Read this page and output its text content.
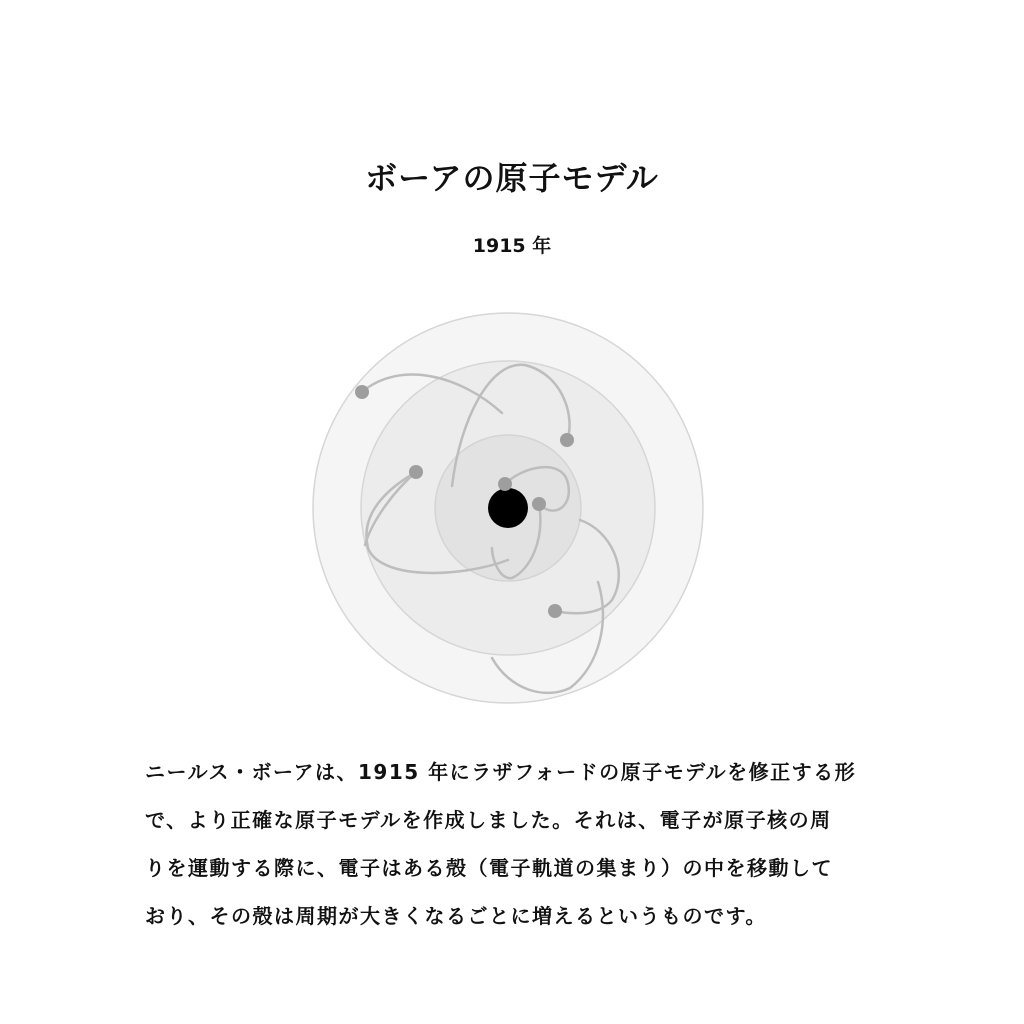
ボーアの原子モデル
1915 年

ニールス・ボーアは、1915 年にラザフォードの原子モデルを修正する形
で、より正確な原子モデルを作成しました。それは、電子が原子核の周
りを運動する際に、電子はある殻（電子軌道の集まり）の中を移動して
おり、その殻は周期が大きくなるごとに増えるというものです。
